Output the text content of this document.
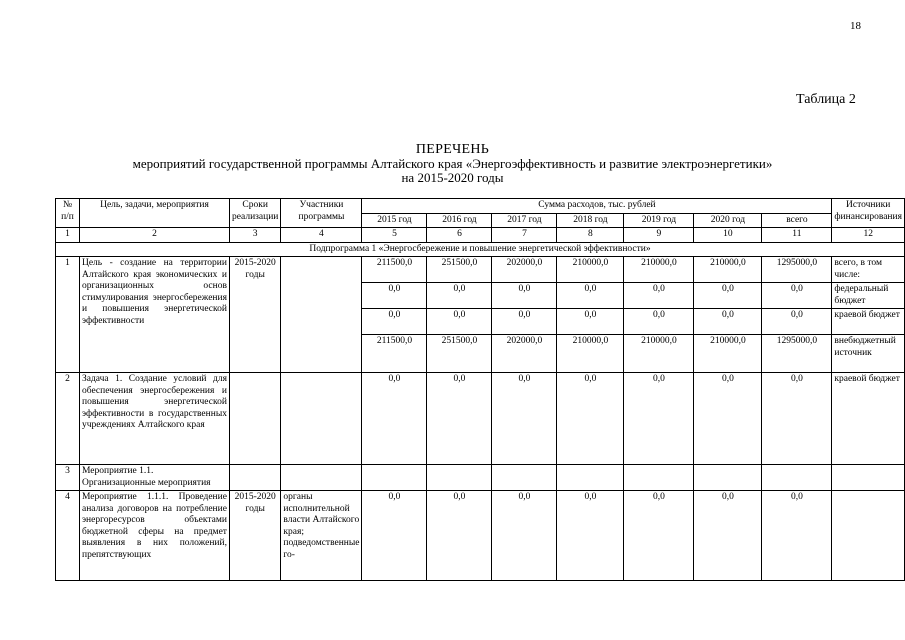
18
Таблица 2
ПЕРЕЧЕНЬ
мероприятий государственной программы Алтайского края «Энергоэффективность и развитие электроэнергетики»
на 2015-2020 годы
№ п/п	Цель, задачи, мероприятия	Сроки реализации	Участники программы	Сумма расходов, тыс. рублей							Источники финансирования
				2015 год	2016 год	2017 год	2018 год	2019 год	2020 год	всего	
1	2	3	4	5	6	7	8	9	10	11	12
Подпрограмма 1 «Энергосбережение и повышение энергетической эффективности»											
1	Цель - создание на территории Алтайского края экономических и организационных основ стимулирования энергосбережения и повышения энергетической эффективности	2015-2020 годы		211500,0	251500,0	202000,0	210000,0	210000,0	210000,0	1295000,0	всего, в том числе:
				0,0	0,0	0,0	0,0	0,0	0,0	0,0	федеральный бюджет
				0,0	0,0	0,0	0,0	0,0	0,0	0,0	краевой бюджет
				211500,0	251500,0	202000,0	210000,0	210000,0	210000,0	1295000,0	внебюджетный источник
2	Задача 1. Создание условий для обеспечения энергосбережения и повышения энергетической эффективности в государственных учреждениях Алтайского края			0,0	0,0	0,0	0,0	0,0	0,0	0,0	краевой бюджет
3	Мероприятие 1.1. Организационные мероприятия										
4	Мероприятие 1.1.1. Проведение анализа договоров на потребление энергоресурсов объектами бюджетной сферы на предмет выявления в них положений, препятствующих	2015-2020 годы	органы исполнительной власти Алтайского края; подведомственные го-	0,0	0,0	0,0	0,0	0,0	0,0	0,0	
